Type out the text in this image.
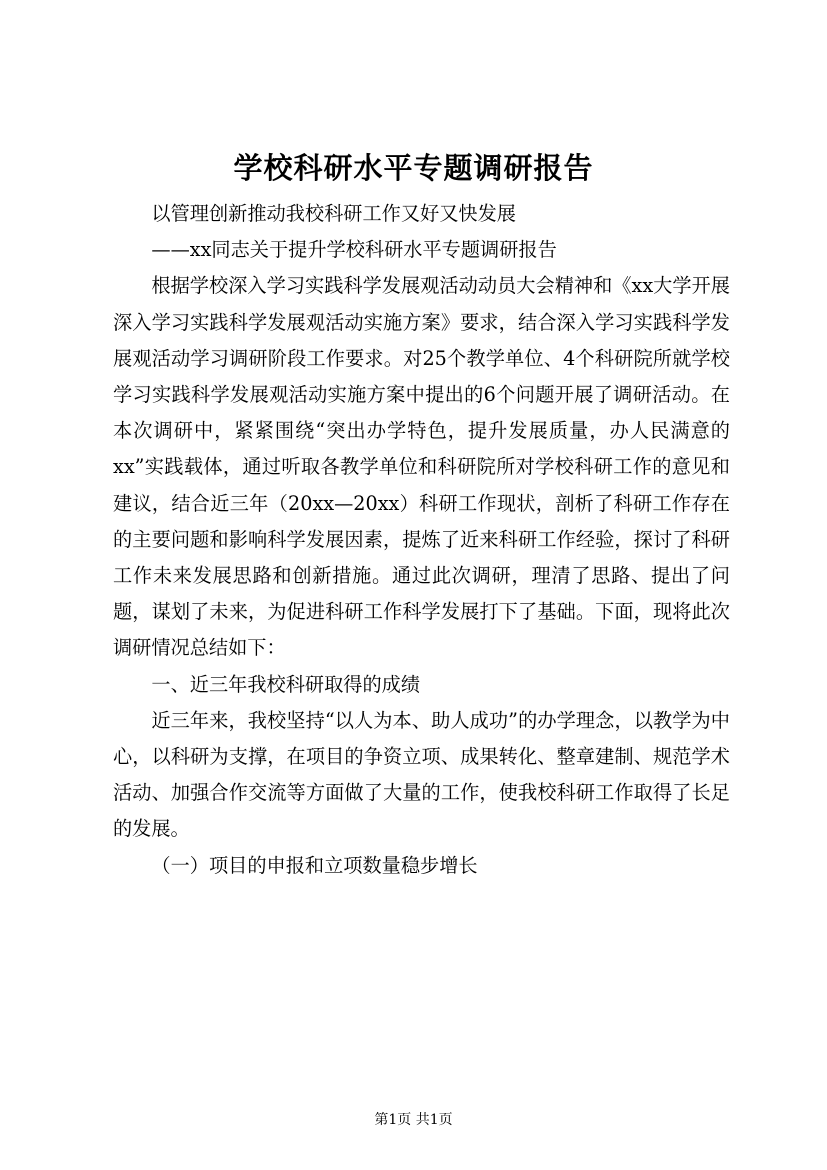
学校科研水平专题调研报告

以管理创新推动我校科研工作又好又快发展

——xx同志关于提升学校科研水平专题调研报告

根据学校深入学习实践科学发展观活动动员大会精神和《xx大学开展深入学习实践科学发展观活动实施方案》要求，结合深入学习实践科学发展观活动学习调研阶段工作要求。对25个教学单位、4个科研院所就学校学习实践科学发展观活动实施方案中提出的6个问题开展了调研活动。在本次调研中，紧紧围绕“突出办学特色，提升发展质量，办人民满意的xx”实践载体，通过听取各教学单位和科研院所对学校科研工作的意见和建议，结合近三年（20xx—20xx）科研工作现状，剖析了科研工作存在的主要问题和影响科学发展因素，提炼了近来科研工作经验，探讨了科研工作未来发展思路和创新措施。通过此次调研，理清了思路、提出了问题，谋划了未来，为促进科研工作科学发展打下了基础。下面，现将此次调研情况总结如下：

一、近三年我校科研取得的成绩

近三年来，我校坚持“以人为本、助人成功”的办学理念，以教学为中心，以科研为支撑，在项目的争资立项、成果转化、整章建制、规范学术活动、加强合作交流等方面做了大量的工作，使我校科研工作取得了长足的发展。

（一）项目的申报和立项数量稳步增长

第1页 共1页
